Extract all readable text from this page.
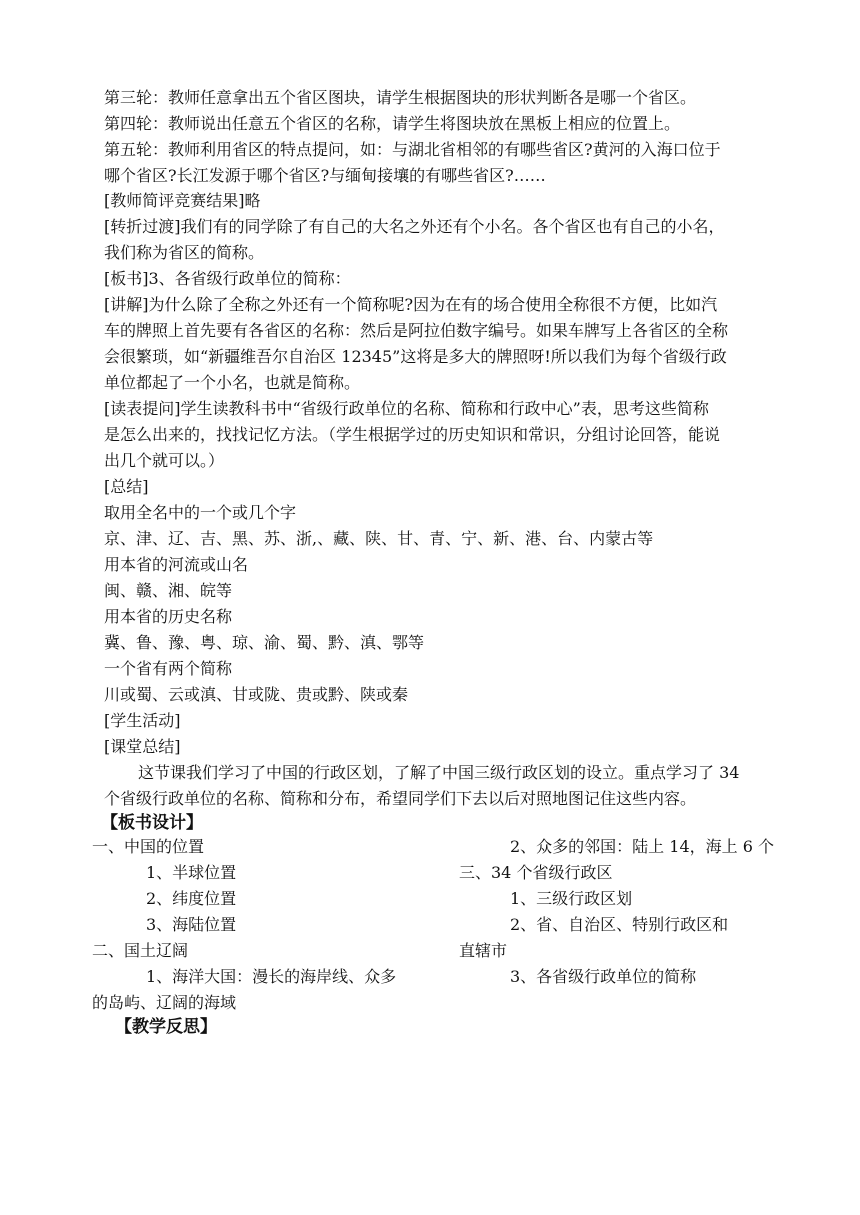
第三轮：教师任意拿出五个省区图块，请学生根据图块的形状判断各是哪一个省区。
第四轮：教师说出任意五个省区的名称，请学生将图块放在黑板上相应的位置上。
第五轮：教师利用省区的特点提问，如：与湖北省相邻的有哪些省区?黄河的入海口位于
哪个省区?长江发源于哪个省区?与缅甸接壤的有哪些省区?……
[教师简评竞赛结果]略
[转折过渡]我们有的同学除了有自己的大名之外还有个小名。各个省区也有自己的小名，
我们称为省区的简称。
[板书]3、各省级行政单位的简称：
[讲解]为什么除了全称之外还有一个简称呢?因为在有的场合使用全称很不方便，比如汽
车的牌照上首先要有各省区的名称：然后是阿拉伯数字编号。如果车牌写上各省区的全称
会很繁琐，如“新疆维吾尔自治区 12345”这将是多大的牌照呀!所以我们为每个省级行政
单位都起了一个小名，也就是简称。
[读表提问]学生读教科书中“省级行政单位的名称、简称和行政中心”表，思考这些简称
是怎么出来的，找找记忆方法。（学生根据学过的历史知识和常识，分组讨论回答，能说
出几个就可以。）
[总结]
取用全名中的一个或几个字
京、津、辽、吉、黑、苏、浙,、藏、陕、甘、青、宁、新、港、台、内蒙古等
用本省的河流或山名
闽、赣、湘、皖等
用本省的历史名称
冀、鲁、豫、粤、琼、渝、蜀、黔、滇、鄂等
一个省有两个简称
川或蜀、云或滇、甘或陇、贵或黔、陕或秦
[学生活动]
[课堂总结]
这节课我们学习了中国的行政区划，了解了中国三级行政区划的设立。重点学习了 34
个省级行政单位的名称、简称和分布，希望同学们下去以后对照地图记住这些内容。
【板书设计】
一、中国的位置
1、半球位置
2、纬度位置
3、海陆位置
二、国土辽阔
1、海洋大国：漫长的海岸线、众多
的岛屿、辽阔的海域
2、众多的邻国：陆上 14，海上 6 个
三、34 个省级行政区
1、三级行政区划
2、省、自治区、特别行政区和
直辖市
3、各省级行政单位的简称
【教学反思】
